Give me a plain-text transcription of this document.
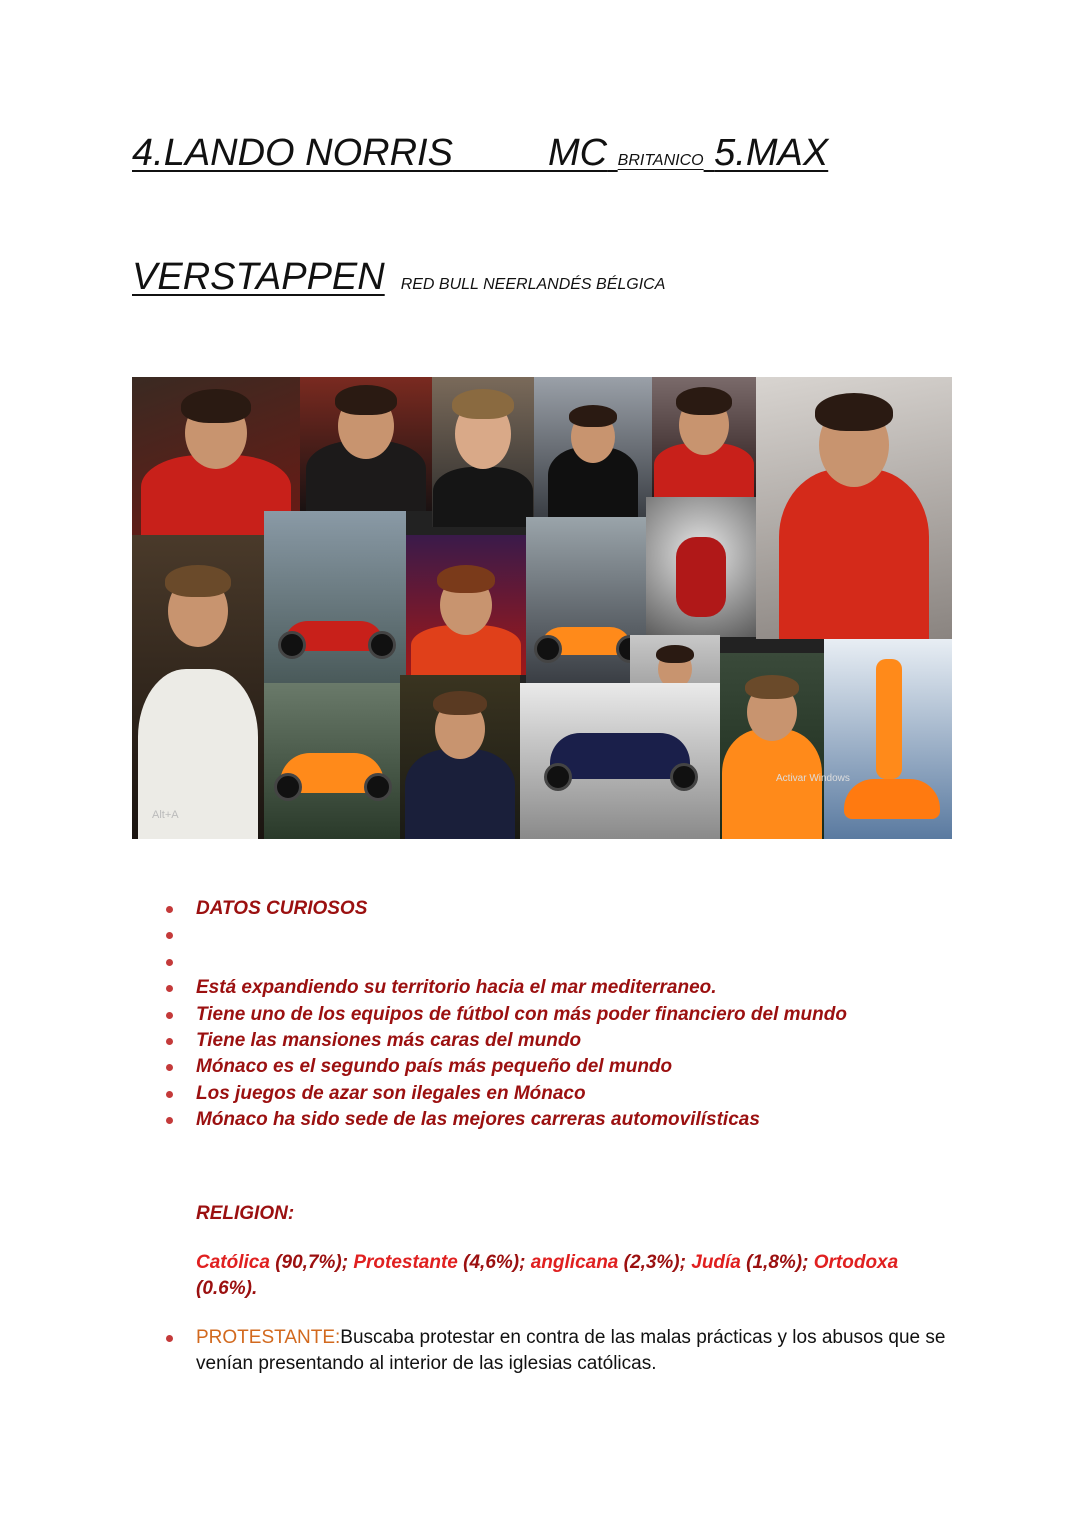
4.LANDO NORRIS	MC BRITANICO 5.MAX
VERSTAPPEN RED BULL NEERLANDÉS BÉLGICA
Alt+A
Activar Windows
DATOS CURIOSOS
Está expandiendo su territorio hacia el mar mediterraneo.
Tiene uno de los equipos de fútbol con más poder financiero del mundo
Tiene las mansiones más caras del mundo
Mónaco es el segundo país más pequeño del mundo
Los juegos de azar son ilegales en Mónaco
Mónaco ha sido sede de las mejores carreras automovilísticas
RELIGION:
Católica (90,7%); Protestante (4,6%); anglicana (2,3%); Judía (1,8%); Ortodoxa (0.6%).
PROTESTANTE:Buscaba protestar en contra de las malas prácticas y los abusos que se venían presentando al interior de las iglesias católicas.
